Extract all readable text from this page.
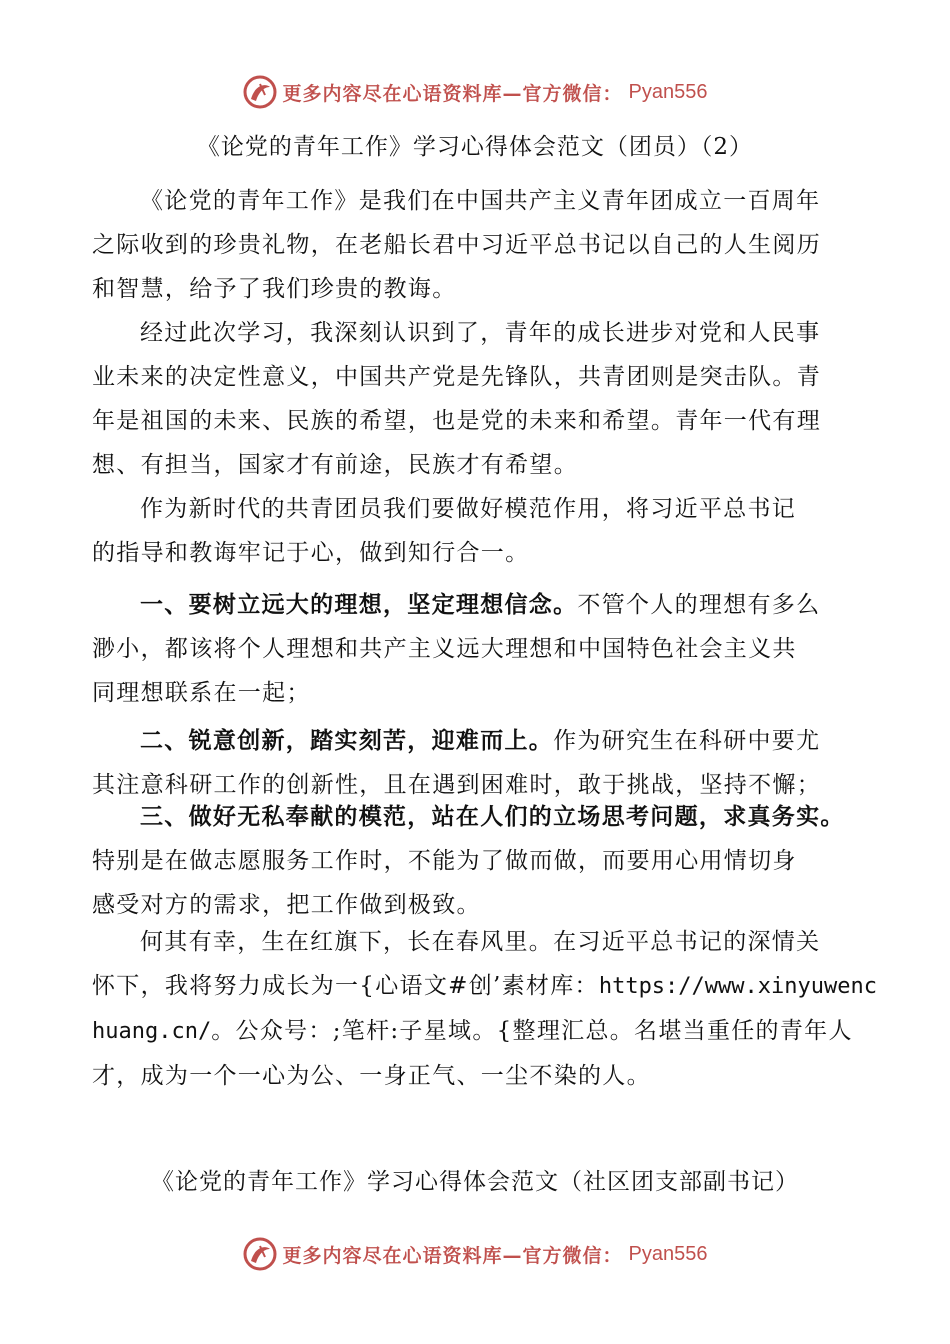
更多内容尽在心语资料库—官方微信： Pyan556
《论党的青年工作》学习心得体会范文（团员）（2）
《论党的青年工作》是我们在中国共产主义青年团成立一百周年
之际收到的珍贵礼物，在老船长君中习近平总书记以自己的人生阅历
和智慧，给予了我们珍贵的教诲。
经过此次学习，我深刻认识到了，青年的成长进步对党和人民事
业未来的决定性意义，中国共产党是先锋队，共青团则是突击队。青
年是祖国的未来、民族的希望，也是党的未来和希望。青年一代有理
想、有担当，国家才有前途，民族才有希望。
作为新时代的共青团员我们要做好模范作用，将习近平总书记
的指导和教诲牢记于心，做到知行合一。
一、要树立远大的理想，坚定理想信念。不管个人的理想有多么
渺小，都该将个人理想和共产主义远大理想和中国特色社会主义共
同理想联系在一起；
二、锐意创新，踏实刻苦，迎难而上。作为研究生在科研中要尤
其注意科研工作的创新性，且在遇到困难时，敢于挑战，坚持不懈；
三、做好无私奉献的模范，站在人们的立场思考问题，求真务实。
特别是在做志愿服务工作时，不能为了做而做，而要用心用情切身
感受对方的需求，把工作做到极致。
何其有幸，生在红旗下，长在春风里。在习近平总书记的深情关
怀下，我将努力成长为一{心语文#创’素材库：https://www.xinyuwenc
huang.cn/。公众号：;笔杆:子星域。{整理汇总。名堪当重任的青年人
才，成为一个一心为公、一身正气、一尘不染的人。
《论党的青年工作》学习心得体会范文（社区团支部副书记）
更多内容尽在心语资料库—官方微信： Pyan556
